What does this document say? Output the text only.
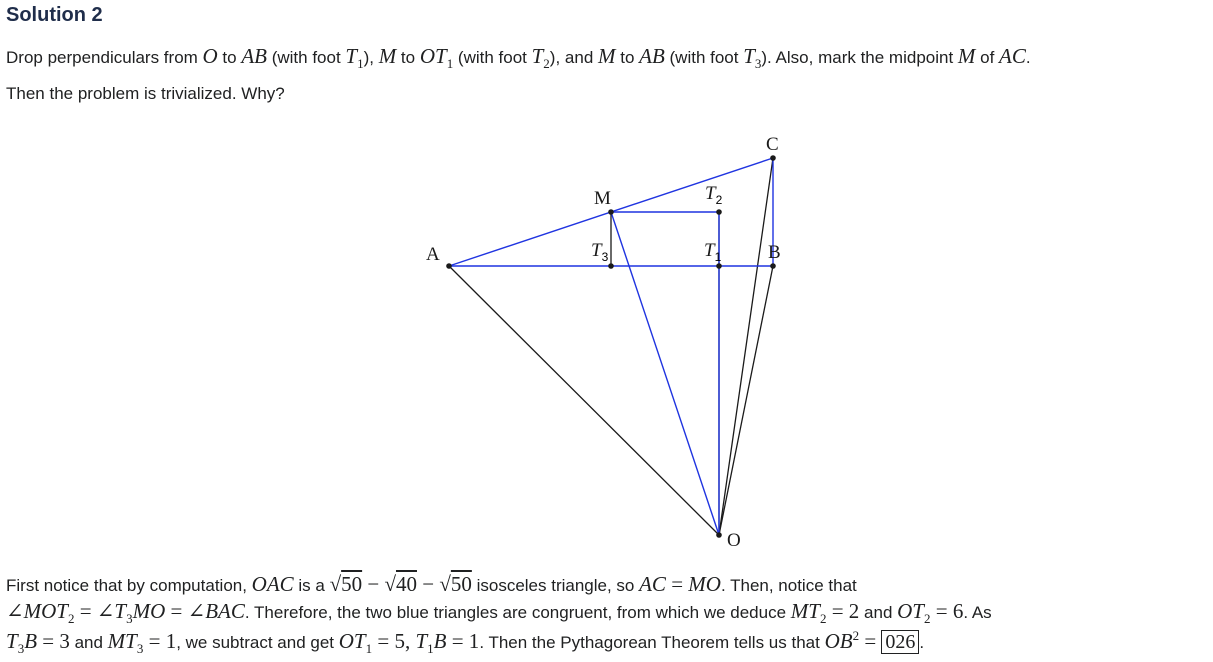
Solution 2
Drop perpendiculars from O to AB (with foot $T_1$), M to $OT_1$ (with foot $T_2$), and M to AB (with foot $T_3$). Also, mark the midpoint M of AC.
Then the problem is trivialized. Why?
A
C
B
M
O
$T_2$
$T_1$
$T_3$
First notice that by computation, OAC is a √50 − √40 − √50 isosceles triangle, so AC = MO. Then, notice that
$\angle MOT_2$ = $\angle T_3MO$ = ∠BAC. Therefore, the two blue triangles are congruent, from which we deduce $MT_2 = 2$ and $OT_2 = 6$. As
$T_3B = 3$ and $MT_3 = 1$, we subtract and get $OT_1 = 5$, $T_1B = 1$. Then the Pythagorean Theorem tells us that $OB^2 = 026$ .
